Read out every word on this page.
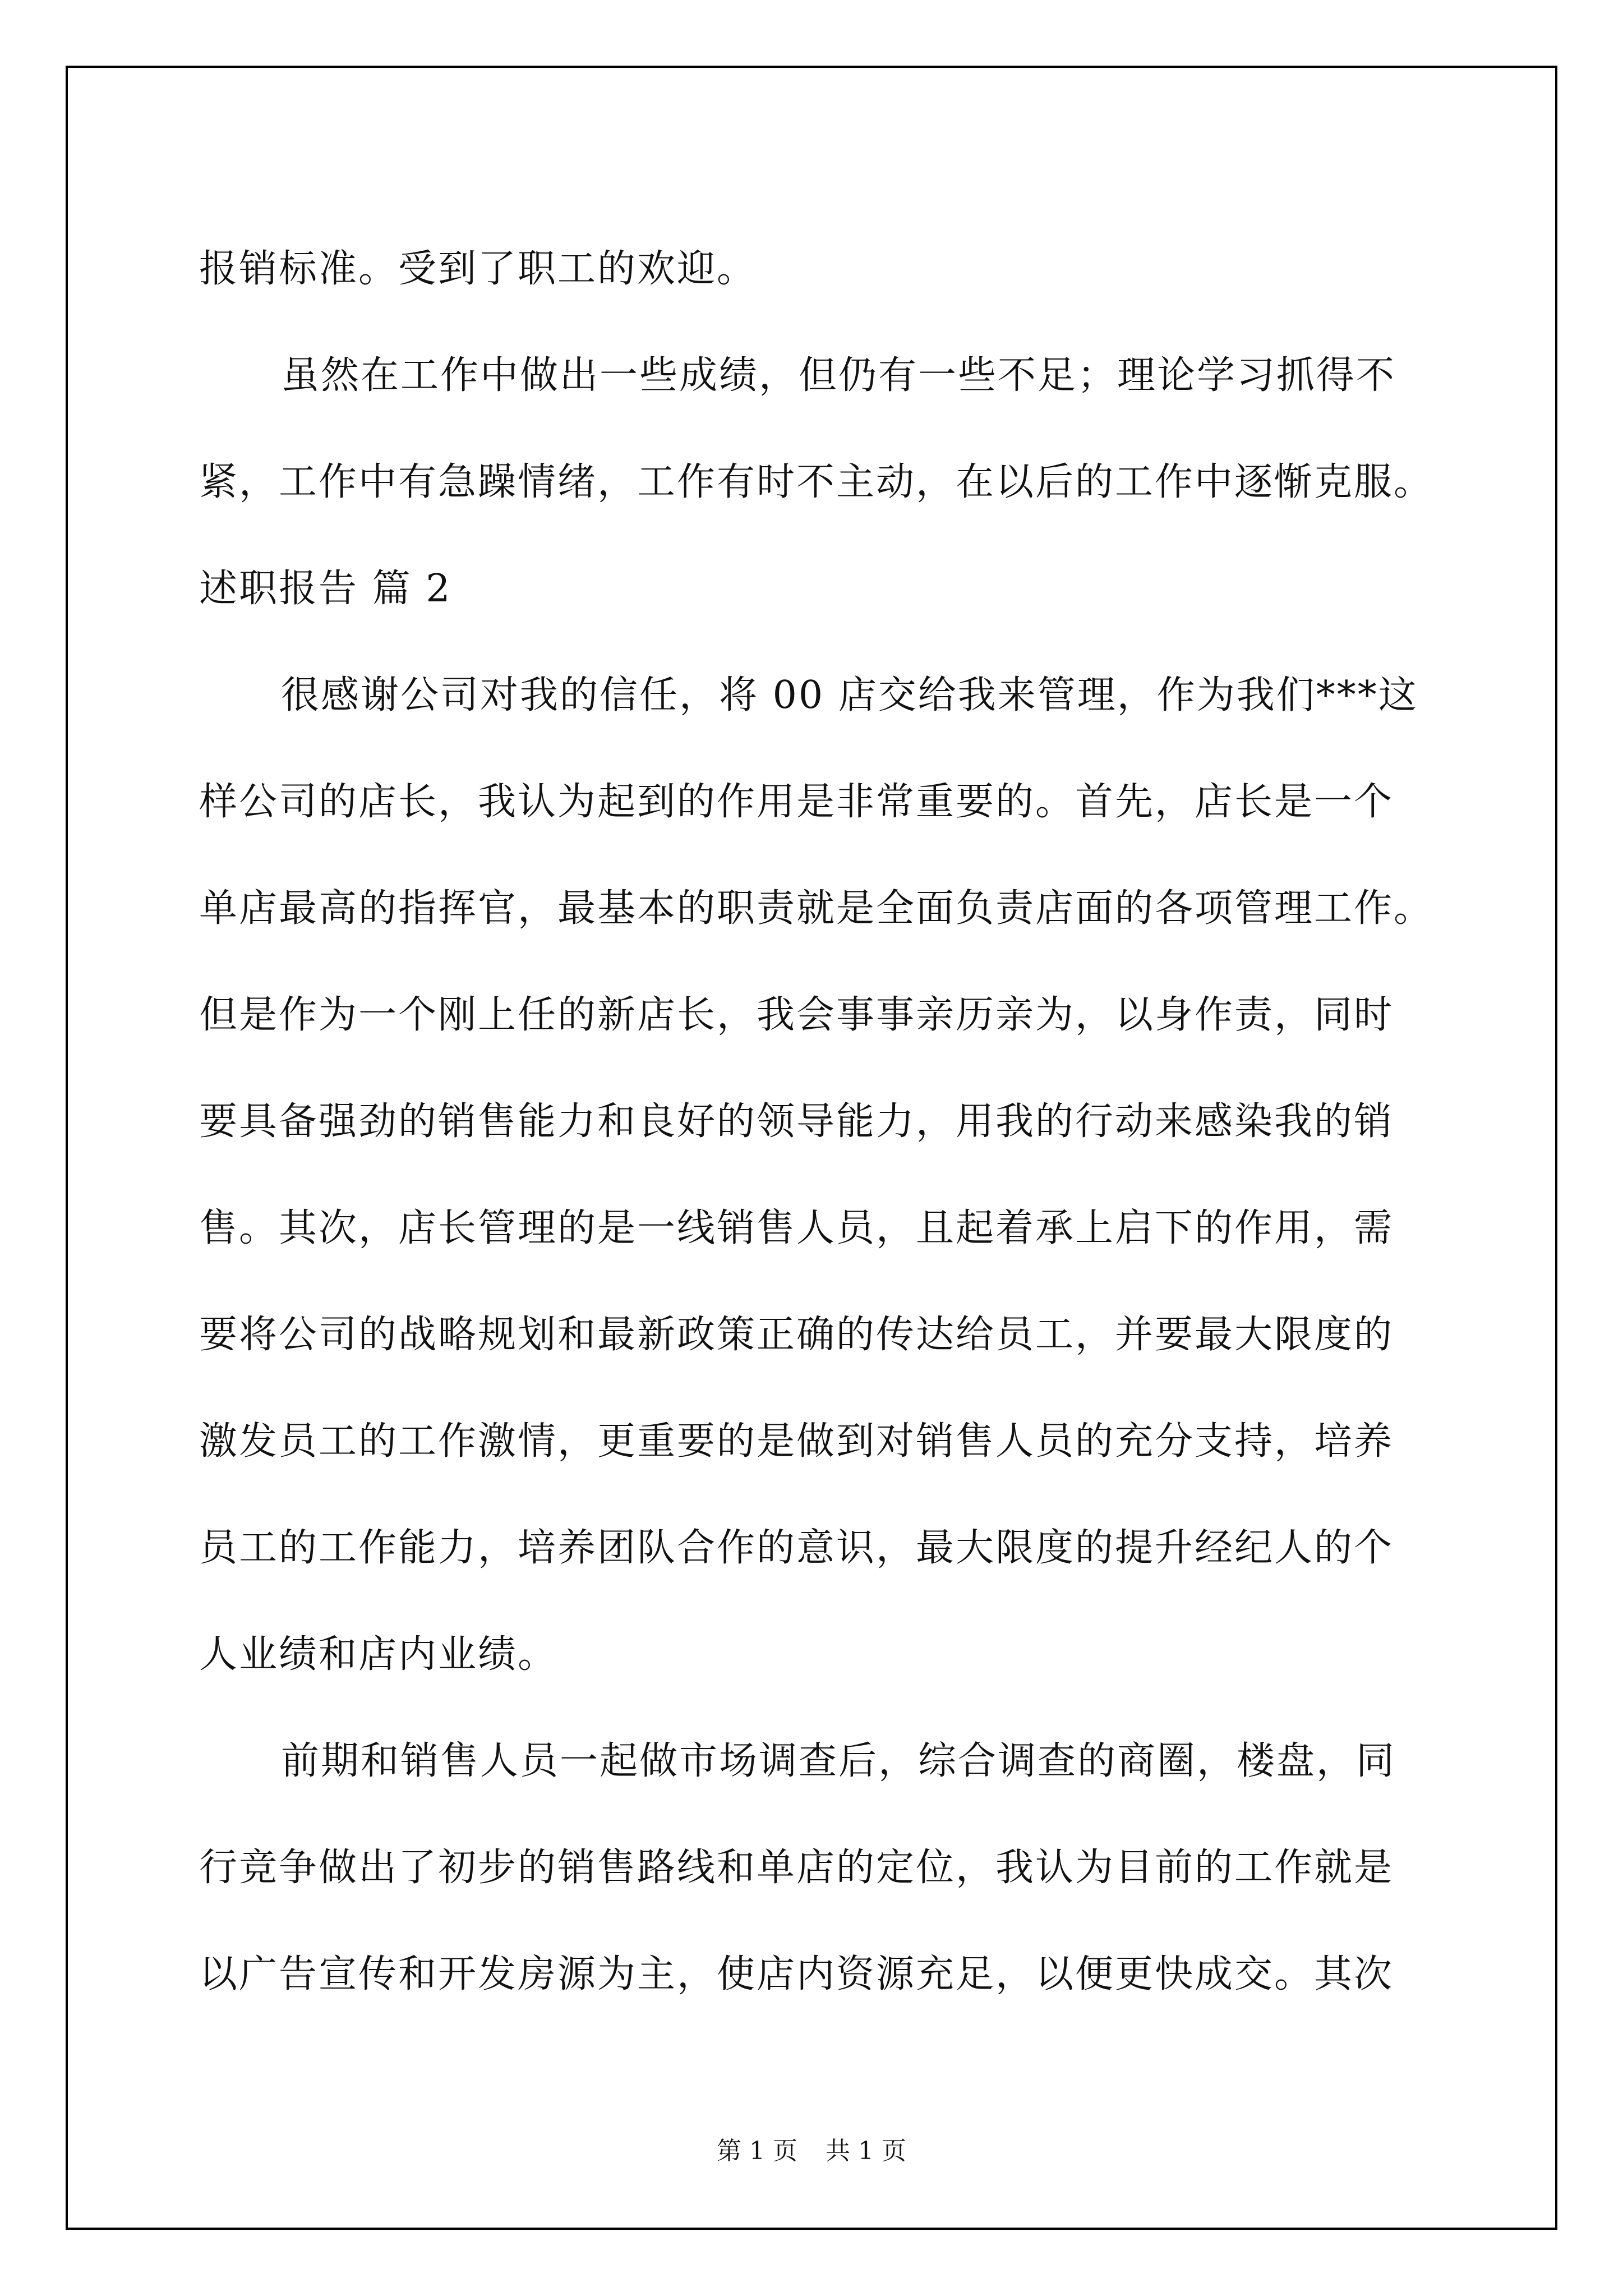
报销标准。受到了职工的欢迎。

虽然在工作中做出一些成绩，但仍有一些不足；理论学习抓得不

紧，工作中有急躁情绪，工作有时不主动，在以后的工作中逐惭克服。

述职报告 篇 2

很感谢公司对我的信任，将 00 店交给我来管理，作为我们***这

样公司的店长，我认为起到的作用是非常重要的。首先，店长是一个

单店最高的指挥官，最基本的职责就是全面负责店面的各项管理工作。

但是作为一个刚上任的新店长，我会事事亲历亲为，以身作责，同时

要具备强劲的销售能力和良好的领导能力，用我的行动来感染我的销

售。其次，店长管理的是一线销售人员，且起着承上启下的作用，需

要将公司的战略规划和最新政策正确的传达给员工，并要最大限度的

激发员工的工作激情，更重要的是做到对销售人员的充分支持，培养

员工的工作能力，培养团队合作的意识，最大限度的提升经纪人的个

人业绩和店内业绩。

前期和销售人员一起做市场调查后，综合调查的商圈，楼盘，同

行竞争做出了初步的销售路线和单店的定位，我认为目前的工作就是

以广告宣传和开发房源为主，使店内资源充足，以便更快成交。其次

第 1 页 共 1 页
